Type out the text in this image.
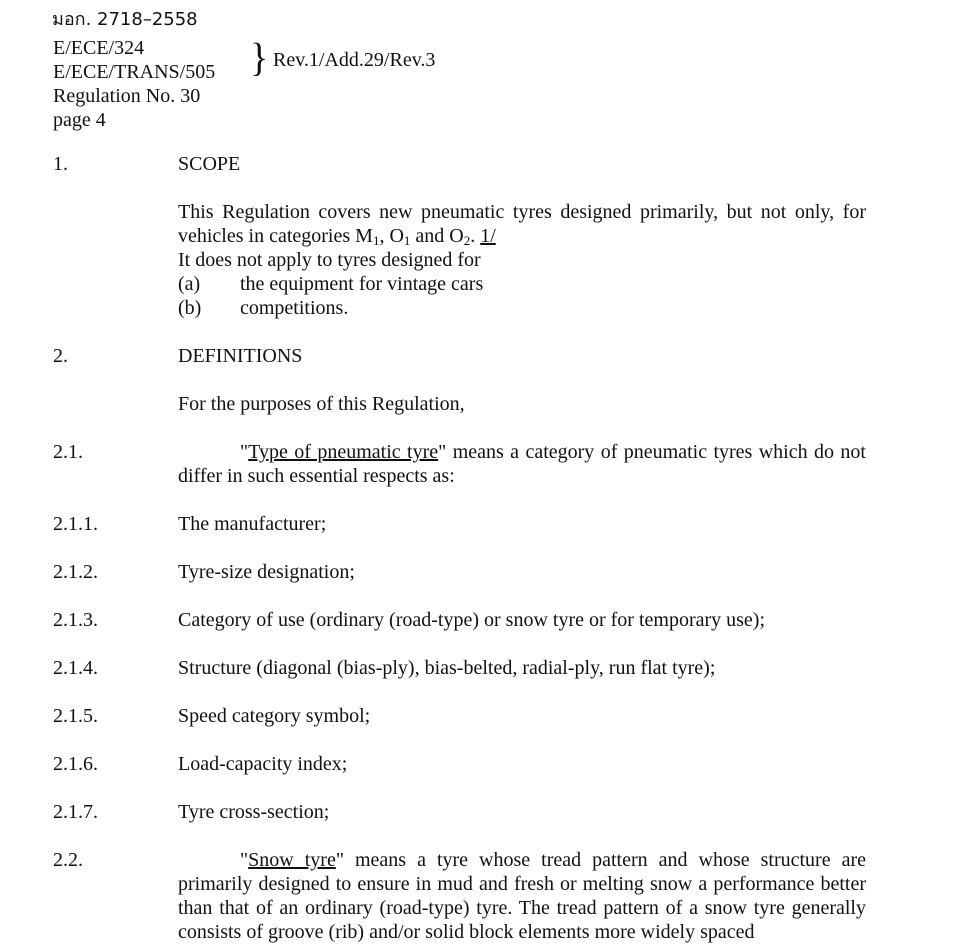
มอก. 2718–2558
E/ECE/324
E/ECE/TRANS/505
Regulation No. 30
page 4
} Rev.1/Add.29/Rev.3
1.	SCOPE
This Regulation covers new pneumatic tyres designed primarily, but not only, for vehicles in categories $M_1$, $O_1$ and $O_2$. 1/
It does not apply to tyres designed for
(a) the equipment for vintage cars
(b) competitions.
2.	DEFINITIONS
For the purposes of this Regulation,
2.1.	"Type of pneumatic tyre" means a category of pneumatic tyres which do not differ in such essential respects as:
2.1.1.	The manufacturer;
2.1.2.	Tyre-size designation;
2.1.3.	Category of use (ordinary (road-type) or snow tyre or for temporary use);
2.1.4.	Structure (diagonal (bias-ply), bias-belted, radial-ply, run flat tyre);
2.1.5.	Speed category symbol;
2.1.6.	Load-capacity index;
2.1.7.	Tyre cross-section;
2.2.	"Snow tyre" means a tyre whose tread pattern and whose structure are primarily designed to ensure in mud and fresh or melting snow a performance better than that of an ordinary (road-type) tyre. The tread pattern of a snow tyre generally consists of groove (rib) and/or solid block elements more widely spaced
